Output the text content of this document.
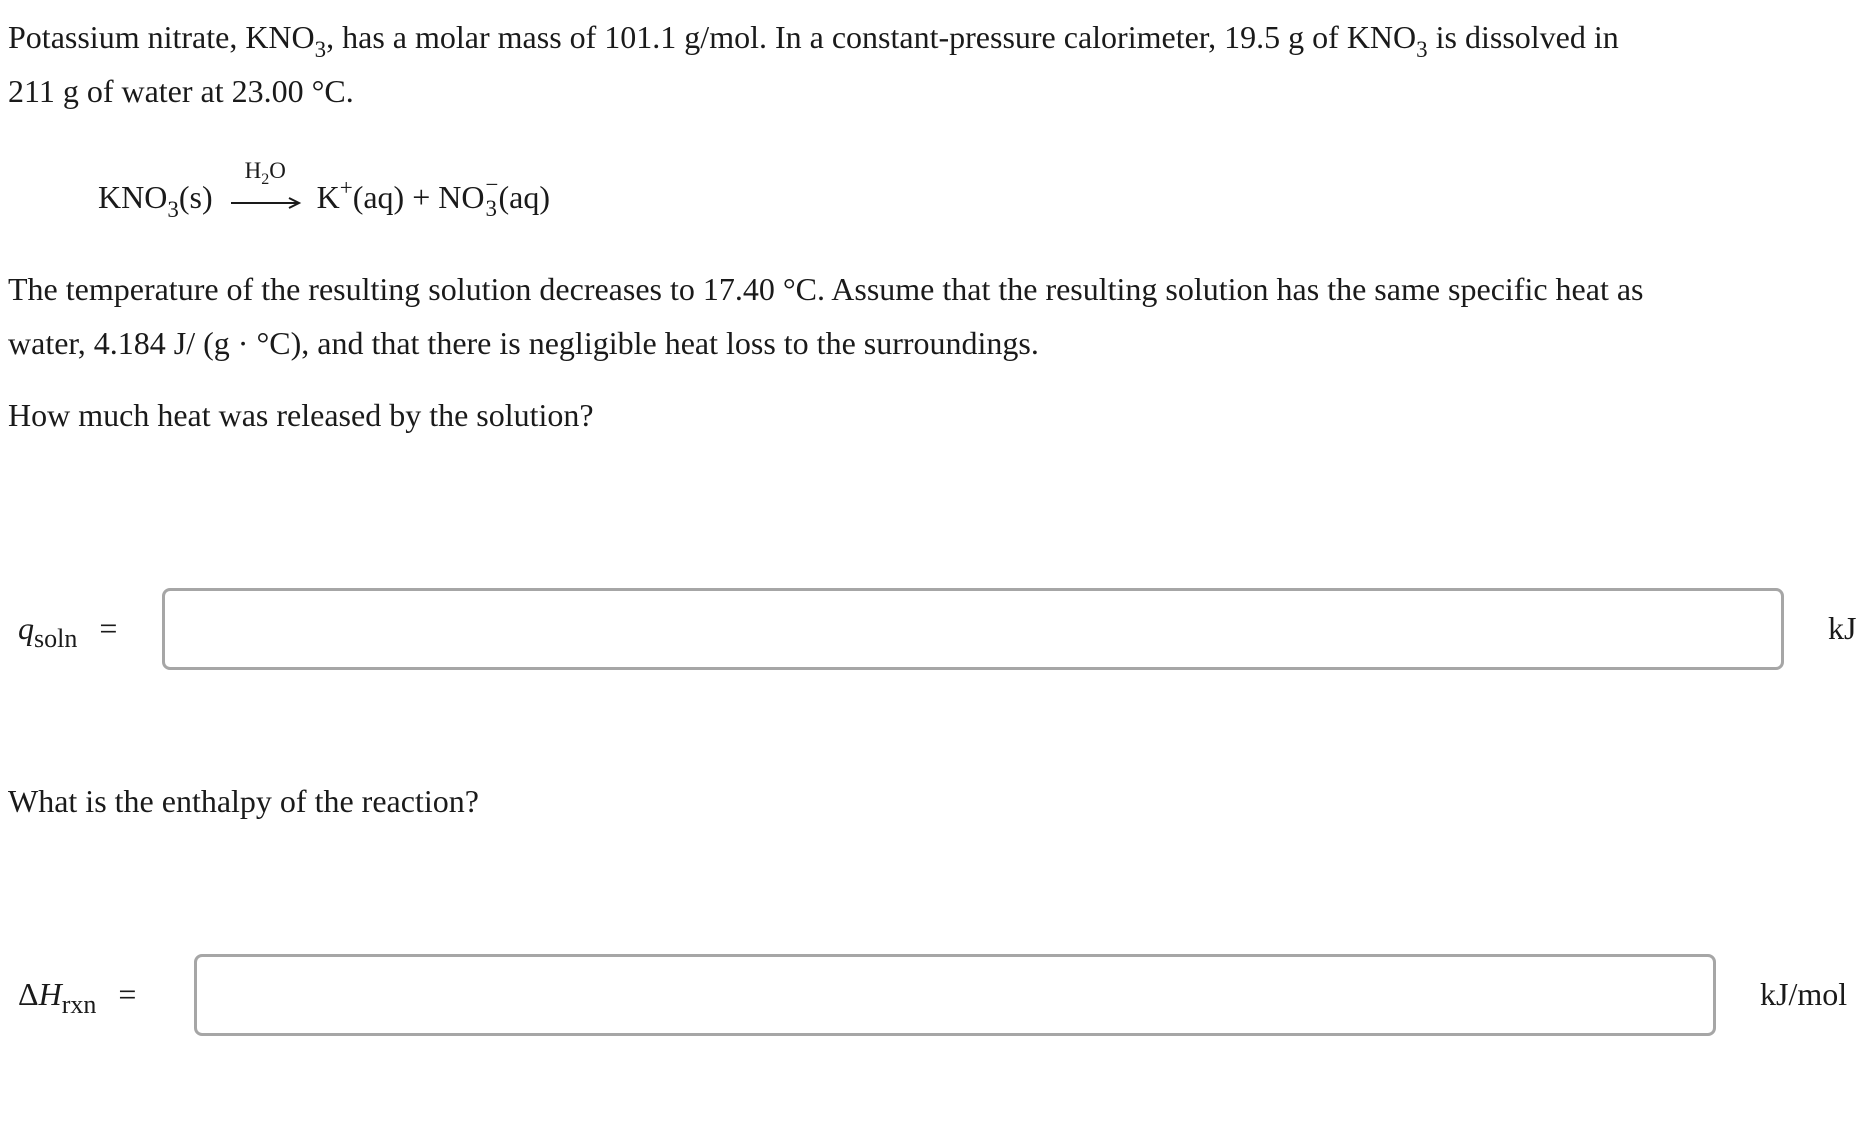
Potassium nitrate, $KNO_3$, has a molar mass of 101.1 g/mol. In a constant-pressure calorimeter, 19.5 g of $KNO_3$ is dissolved in

211 g of water at 23.00 °C.

$KNO_3(s)$
$H_2O$
K+(aq) + NO −
3 (aq)

The temperature of the resulting solution decreases to 17.40 °C. Assume that the resulting solution has the same specific heat as

water, 4.184 J/ (g · °C), and that there is negligible heat loss to the surroundings.

How much heat was released by the solution?

$q_{soln}$ =	kJ

What is the enthalpy of the reaction?

$\Delta H_{rxn}$ =	kJ/mol
